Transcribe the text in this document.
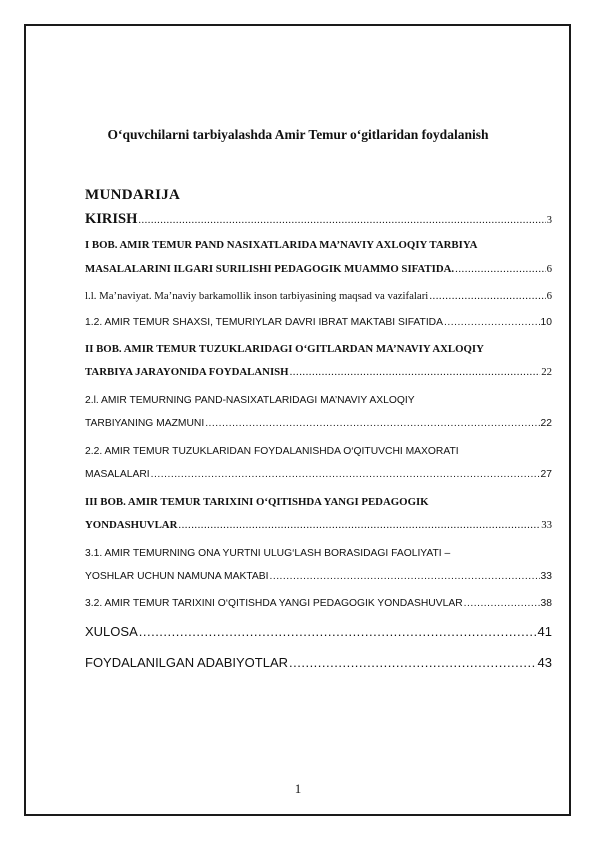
O‘quvchilarni tarbiyalashda Amir Temur o‘gitlaridan foydalanish
MUNDARIJA
KIRISH .....	3
I BOB. AMIR TEMUR PAND NASIXATLARIDA MA’NAVIY AXLOQIY TARBIYA
MASALALARINI ILGARI SURILISHI PEDAGOGIK MUAMMO SIFATIDA. .....	6
l.l. Ma’naviyat. Ma’naviy barkamollik inson tarbiyasining maqsad va vazifalari .....	6
1.2. AMIR TEMUR SHAXSI, TEMURIYLAR DAVRI IBRAT MAKTABI SIFATIDA .....	10
II BOB. AMIR TEMUR TUZUKLARIDAGI O‘GITLARDAN MA’NAVIY AXLOQIY
TARBIYA JARAYONIDA FOYDALANISH .....	22
2.l. AMIR TEMURNING PAND-NASIXATLARIDAGI MA’NAVIY AXLOQIY
TARBIYANING MAZMUNI .....	22
2.2. AMIR TEMUR TUZUKLARIDAN FOYDALANISHDA O‘QITUVCHI MAXORATI
MASALALARI .....	27
III BOB. AMIR TEMUR TARIXINI O‘QITISHDA YANGI PEDAGOGIK
YONDASHUVLAR .....	33
3.1. AMIR TEMURNING ONA YURTNI ULUG‘LASH BORASIDAGI FAOLIYATI –
YOSHLAR UCHUN NAMUNA MAKTABI .....	33
3.2. AMIR TEMUR TARIXINI O‘QITISHDA YANGI PEDAGOGIK YONDASHUVLAR .....	38
XULOSA .....	41
FOYDALANILGAN ADABIYOTLAR .....	43
1
